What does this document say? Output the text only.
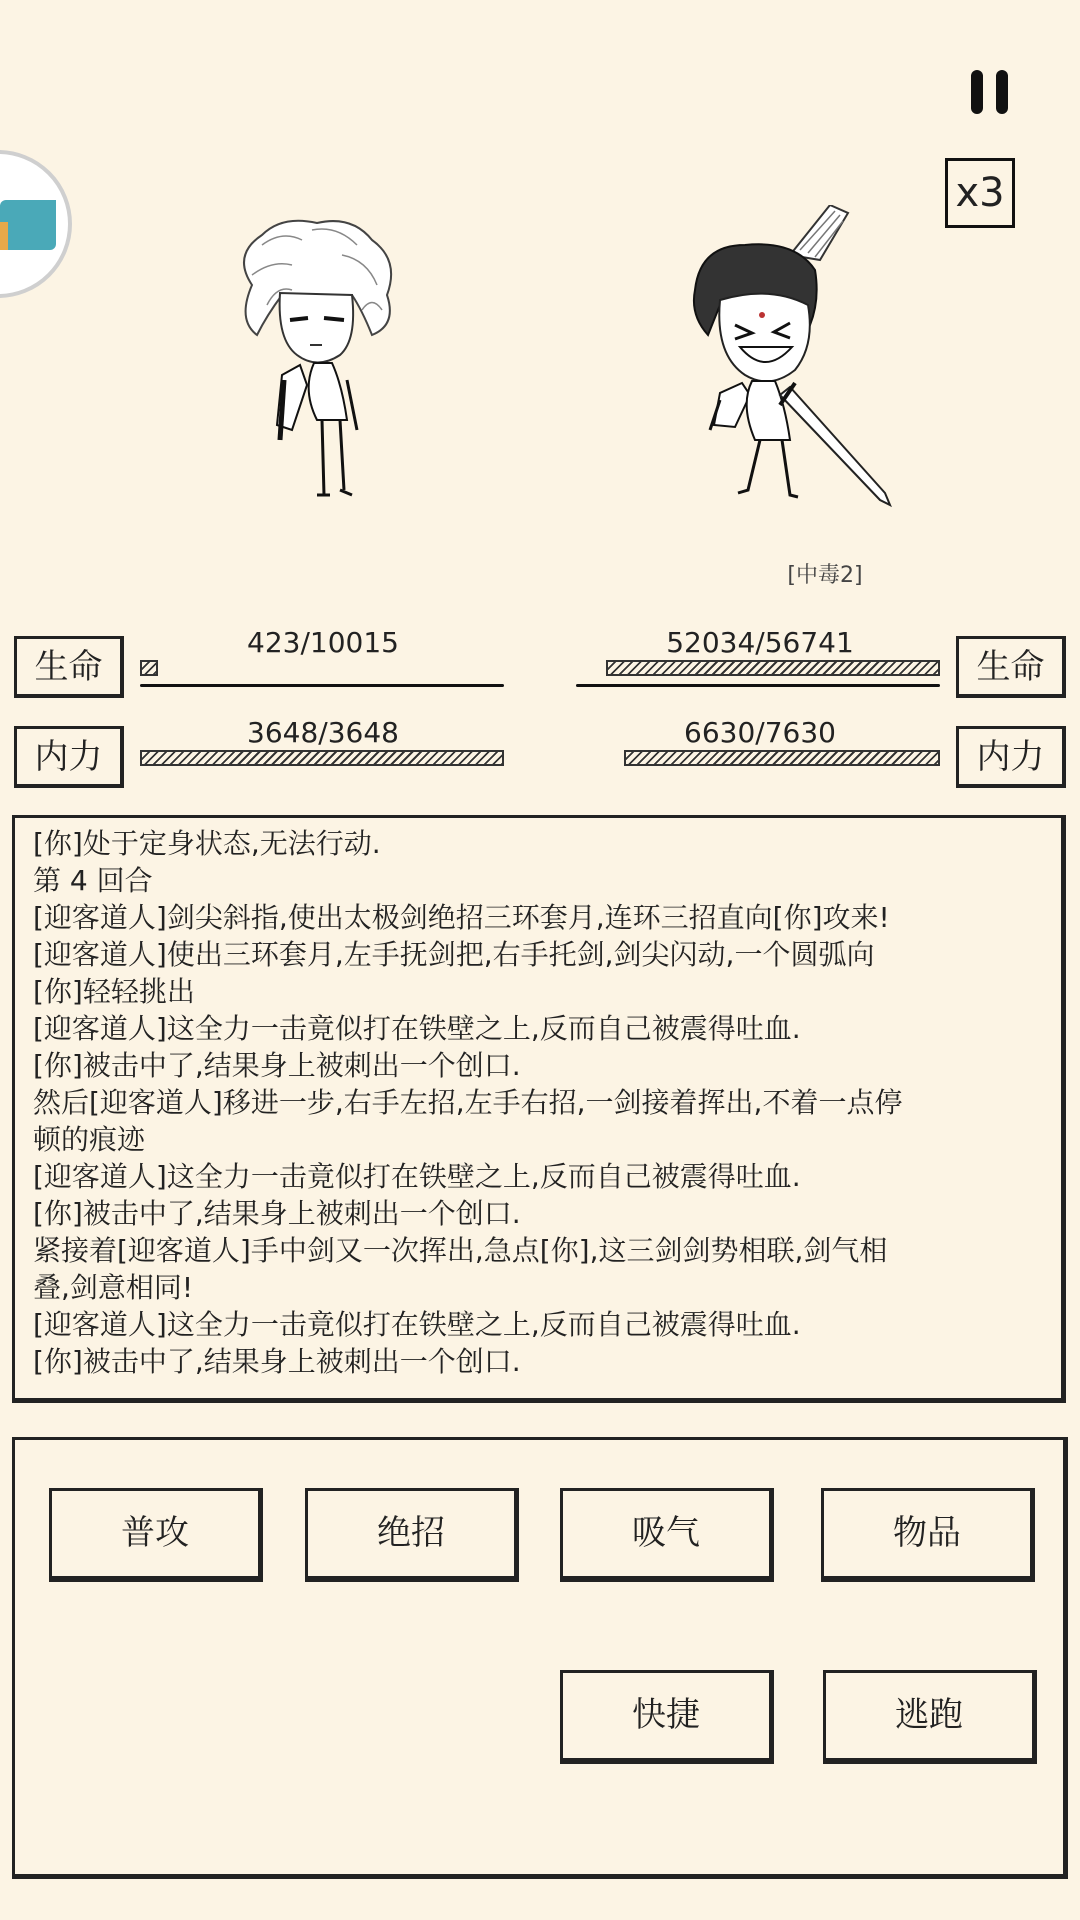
x3
[中毒2]
生命
423/10015
内力
3648/3648
生命
52034/56741
内力
6630/7630
[你]处于定身状态,无法行动.
第 4 回合
[迎客道人]剑尖斜指,使出太极剑绝招三环套月,连环三招直向[你]攻来!
[迎客道人]使出三环套月,左手抚剑把,右手托剑,剑尖闪动,一个圆弧向
[你]轻轻挑出
[迎客道人]这全力一击竟似打在铁壁之上,反而自己被震得吐血.
[你]被击中了,结果身上被刺出一个创口.
然后[迎客道人]移进一步,右手左招,左手右招,一剑接着挥出,不着一点停
顿的痕迹
[迎客道人]这全力一击竟似打在铁壁之上,反而自己被震得吐血.
[你]被击中了,结果身上被刺出一个创口.
紧接着[迎客道人]手中剑又一次挥出,急点[你],这三剑剑势相联,剑气相
叠,剑意相同!
[迎客道人]这全力一击竟似打在铁壁之上,反而自己被震得吐血.
[你]被击中了,结果身上被刺出一个创口.
普攻	绝招	吸气	物品
快捷	逃跑
